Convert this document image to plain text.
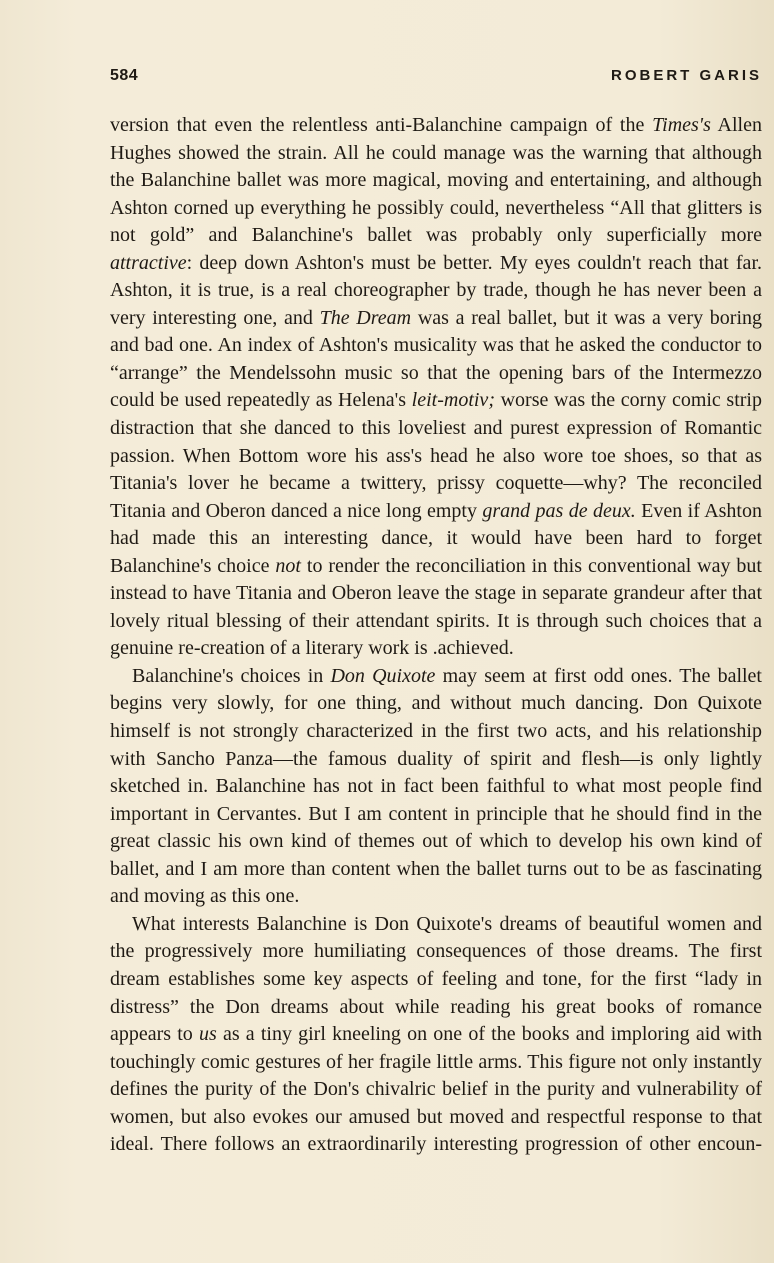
584	ROBERT GARIS

version that even the relentless anti-Balanchine campaign of the Times's Allen Hughes showed the strain. All he could manage was the warning that although the Balanchine ballet was more magical, moving and entertaining, and although Ashton corned up everything he possibly could, nevertheless “All that glitters is not gold” and Balanchine's ballet was probably only superficially more attractive: deep down Ashton's must be better. My eyes couldn't reach that far. Ashton, it is true, is a real choreographer by trade, though he has never been a very interesting one, and The Dream was a real ballet, but it was a very boring and bad one. An index of Ashton's musicality was that he asked the conductor to “arrange” the Mendelssohn music so that the opening bars of the Intermezzo could be used repeatedly as Helena's leit-motiv; worse was the corny comic strip distraction that she danced to this loveliest and purest expression of Romantic passion. When Bottom wore his ass's head he also wore toe shoes, so that as Titania's lover he became a twittery, prissy coquette—why? The reconciled Titania and Oberon danced a nice long empty grand pas de deux. Even if Ashton had made this an interesting dance, it would have been hard to forget Balanchine's choice not to render the reconciliation in this conventional way but instead to have Titania and Oberon leave the stage in separate grandeur after that lovely ritual blessing of their attendant spirits. It is through such choices that a genuine re-creation of a literary work is .achieved.

Balanchine's choices in Don Quixote may seem at first odd ones. The ballet begins very slowly, for one thing, and without much dancing. Don Quixote himself is not strongly characterized in the first two acts, and his relationship with Sancho Panza—the famous duality of spirit and flesh—is only lightly sketched in. Balanchine has not in fact been faithful to what most people find important in Cervantes. But I am content in principle that he should find in the great classic his own kind of themes out of which to develop his own kind of ballet, and I am more than content when the ballet turns out to be as fascinating and moving as this one.

What interests Balanchine is Don Quixote's dreams of beautiful women and the progressively more humiliating consequences of those dreams. The first dream establishes some key aspects of feeling and tone, for the first “lady in distress” the Don dreams about while reading his great books of romance appears to us as a tiny girl kneeling on one of the books and imploring aid with touchingly comic gestures of her fragile little arms. This figure not only instantly defines the purity of the Don's chivalric belief in the purity and vulnerability of women, but also evokes our amused but moved and respectful response to that ideal. There follows an extraordinarily interesting progression of other encoun-
